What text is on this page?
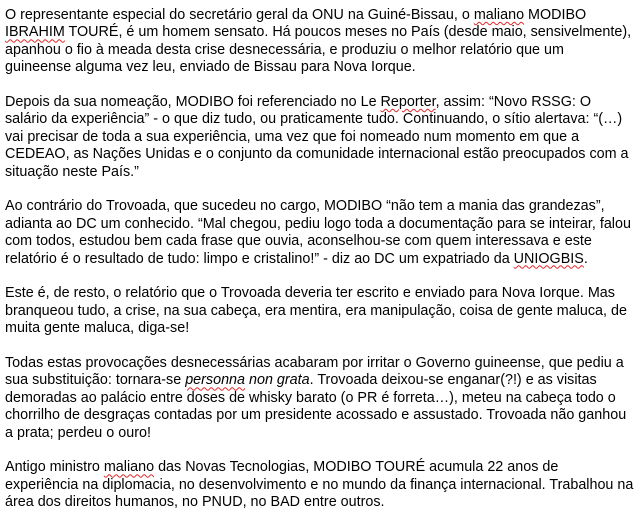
O representante especial do secretário geral da ONU na Guiné-Bissau, o maliano MODIBO
IBRAHIM TOURÉ, é um homem sensato. Há poucos meses no País (desde maio, sensivelmente),
apanhou o fio à meada desta crise desnecessária, e produziu o melhor relatório que um
guineense alguma vez leu, enviado de Bissau para Nova Iorque.

Depois da sua nomeação, MODIBO foi referenciado no Le Reporter, assim: “Novo RSSG: O
salário da experiência” - o que diz tudo, ou praticamente tudo. Continuando, o sítio alertava: “(…)
vai precisar de toda a sua experiência, uma vez que foi nomeado num momento em que a
CEDEAO, as Nações Unidas e o conjunto da comunidade internacional estão preocupados com a
situação neste País.”

Ao contrário do Trovoada, que sucedeu no cargo, MODIBO “não tem a mania das grandezas”,
adianta ao DC um conhecido. “Mal chegou, pediu logo toda a documentação para se inteirar, falou
com todos, estudou bem cada frase que ouvia, aconselhou-se com quem interessava e este
relatório é o resultado de tudo: limpo e cristalino!” - diz ao DC um expatriado da UNIOGBIS.

Este é, de resto, o relatório que o Trovoada deveria ter escrito e enviado para Nova Iorque. Mas
branqueou tudo, a crise, na sua cabeça, era mentira, era manipulação, coisa de gente maluca, de
muita gente maluca, diga-se!

Todas estas provocações desnecessárias acabaram por irritar o Governo guineense, que pediu a
sua substituição: tornara-se personna non grata. Trovoada deixou-se enganar(?!) e as visitas
demoradas ao palácio entre doses de whisky barato (o PR é forreta…), meteu na cabeça todo o
chorrilho de desgraças contadas por um presidente acossado e assustado. Trovoada não ganhou
a prata; perdeu o ouro!

Antigo ministro maliano das Novas Tecnologias, MODIBO TOURÉ acumula 22 anos de
experiência na diplomacia, no desenvolvimento e no mundo da finança internacional. Trabalhou na
área dos direitos humanos, no PNUD, no BAD entre outros.
